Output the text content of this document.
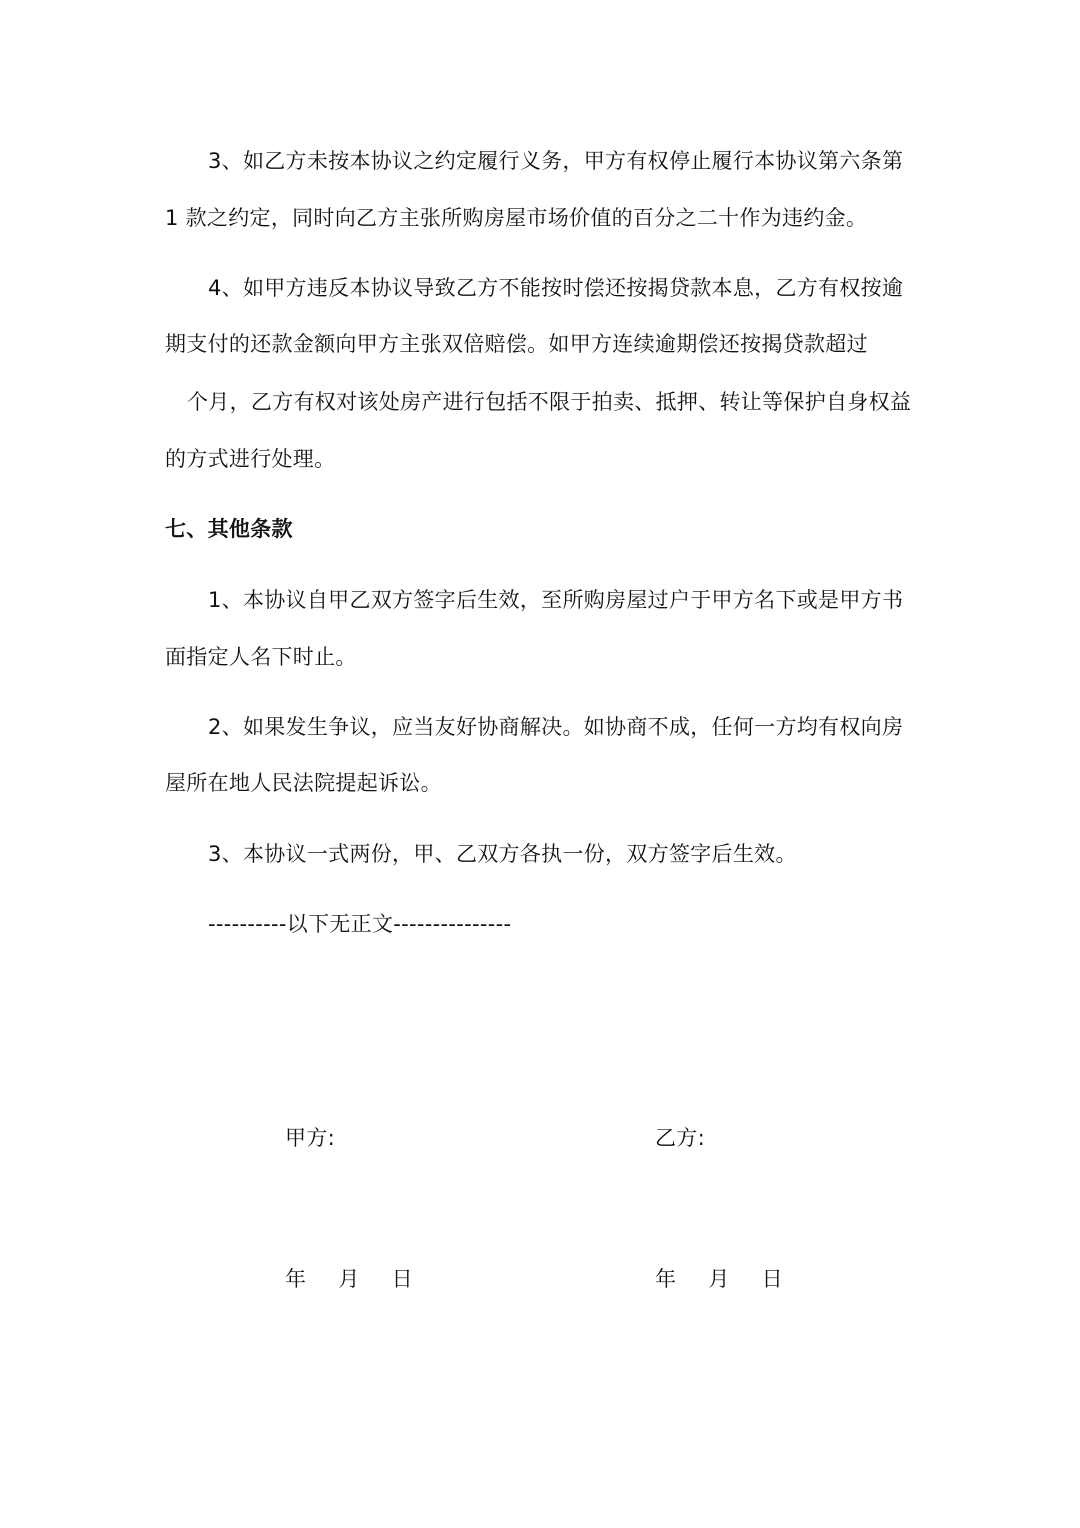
3、如乙方未按本协议之约定履行义务，甲方有权停止履行本协议第六条第
1 款之约定，同时向乙方主张所购房屋市场价值的百分之二十作为违约金。
4、如甲方违反本协议导致乙方不能按时偿还按揭贷款本息，乙方有权按逾
期支付的还款金额向甲方主张双倍赔偿。如甲方连续逾期偿还按揭贷款超过
个月，乙方有权对该处房产进行包括不限于拍卖、抵押、转让等保护自身权益
的方式进行处理。
七、其他条款
1、本协议自甲乙双方签字后生效，至所购房屋过户于甲方名下或是甲方书
面指定人名下时止。
2、如果发生争议，应当友好协商解决。如协商不成，任何一方均有权向房
屋所在地人民法院提起诉讼。
3、本协议一式两份，甲、乙双方各执一份，双方签字后生效。
----------以下无正文---------------
甲方:	乙方:
年 月 日	年 月 日
